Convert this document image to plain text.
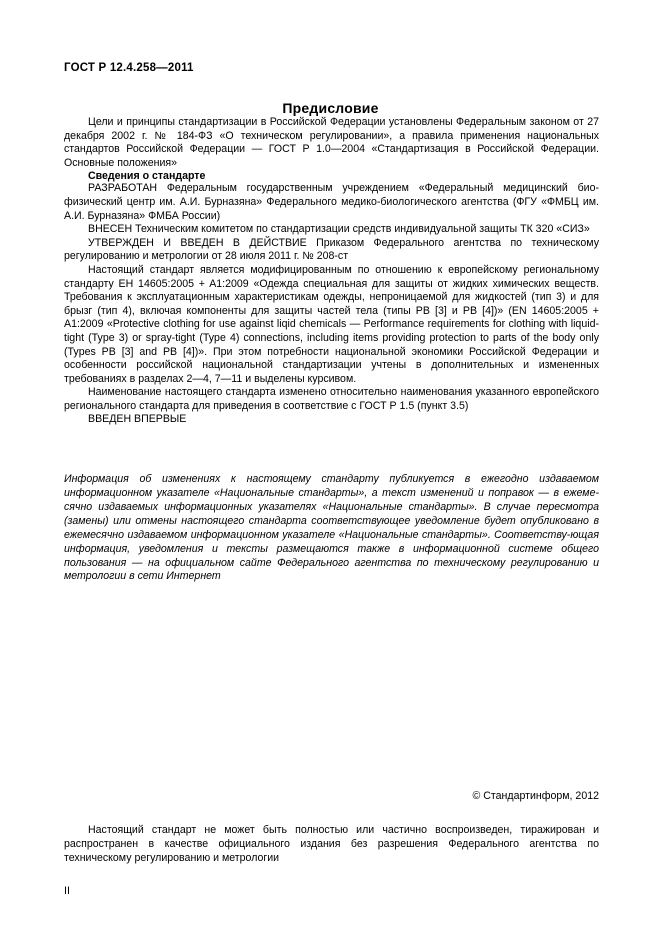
ГОСТ Р 12.4.258—2011
Предисловие

Цели и принципы стандартизации в Российской Федерации установлены Федеральным законом от 27 декабря 2002 г. № 184-ФЗ «О техническом регулировании», а правила применения национальных стандартов Российской Федерации — ГОСТ Р 1.0—2004 «Стандартизация в Российской Федерации. Основные положения»

Сведения о стандарте

РАЗРАБОТАН Федеральным государственным учреждением «Федеральный медицинский био-физический центр им. А.И. Бурназяна» Федерального медико-биологического агентства (ФГУ «ФМБЦ им. А.И. Бурназяна» ФМБА России)

ВНЕСЕН Техническим комитетом по стандартизации средств индивидуальной защиты ТК 320 «СИЗ»

УТВЕРЖДЕН И ВВЕДЕН В ДЕЙСТВИЕ Приказом Федерального агентства по техническому регулированию и метрологии от 28 июля 2011 г. № 208-ст

Настоящий стандарт является модифицированным по отношению к европейскому региональному стандарту EH 14605:2005 + A1:2009 «Одежда специальная для защиты от жидких химических веществ. Требования к эксплуатационным характеристикам одежды, непроницаемой для жидкостей (тип 3) и для брызг (тип 4), включая компоненты для защиты частей тела (типы PB [3] и PB [4])» (EN 14605:2005 + A1:2009 «Protective clothing for use against liqid chemicals — Performance requirements for clothing with liquid-tight (Type 3) or spray-tight (Type 4) connections, including items providing protection to parts of the body only (Types PB [3] and PB [4])». При этом потребности национальной экономики Российской Федерации и особенности российской национальной стандартизации учтены в дополнительных и измененных требованиях в разделах 2—4, 7—11 и выделены курсивом.

Наименование настоящего стандарта изменено относительно наименования указанного европейского регионального стандарта для приведения в соответствие с ГОСТ Р 1.5 (пункт 3.5)

ВВЕДЕН ВПЕРВЫЕ

Информация об изменениях к настоящему стандарту публикуется в ежегодно издаваемом информационном указателе «Национальные стандарты», а текст изменений и поправок — в ежеме-сячно издаваемых информационных указателях «Национальные стандарты». В случае пересмотра (замены) или отмены настоящего стандарта соответствующее уведомление будет опубликовано в ежемесячно издаваемом информационном указателе «Национальные стандарты». Соответству-ющая информация, уведомления и тексты размещаются также в информационной системе общего пользования — на официальном сайте Федерального агентства по техническому регулированию и метрологии в сети Интернет

© Стандартинформ, 2012
Настоящий стандарт не может быть полностью или частично воспроизведен, тиражирован и распространен в качестве официального издания без разрешения Федерального агентства по техническому регулированию и метрологии
II
